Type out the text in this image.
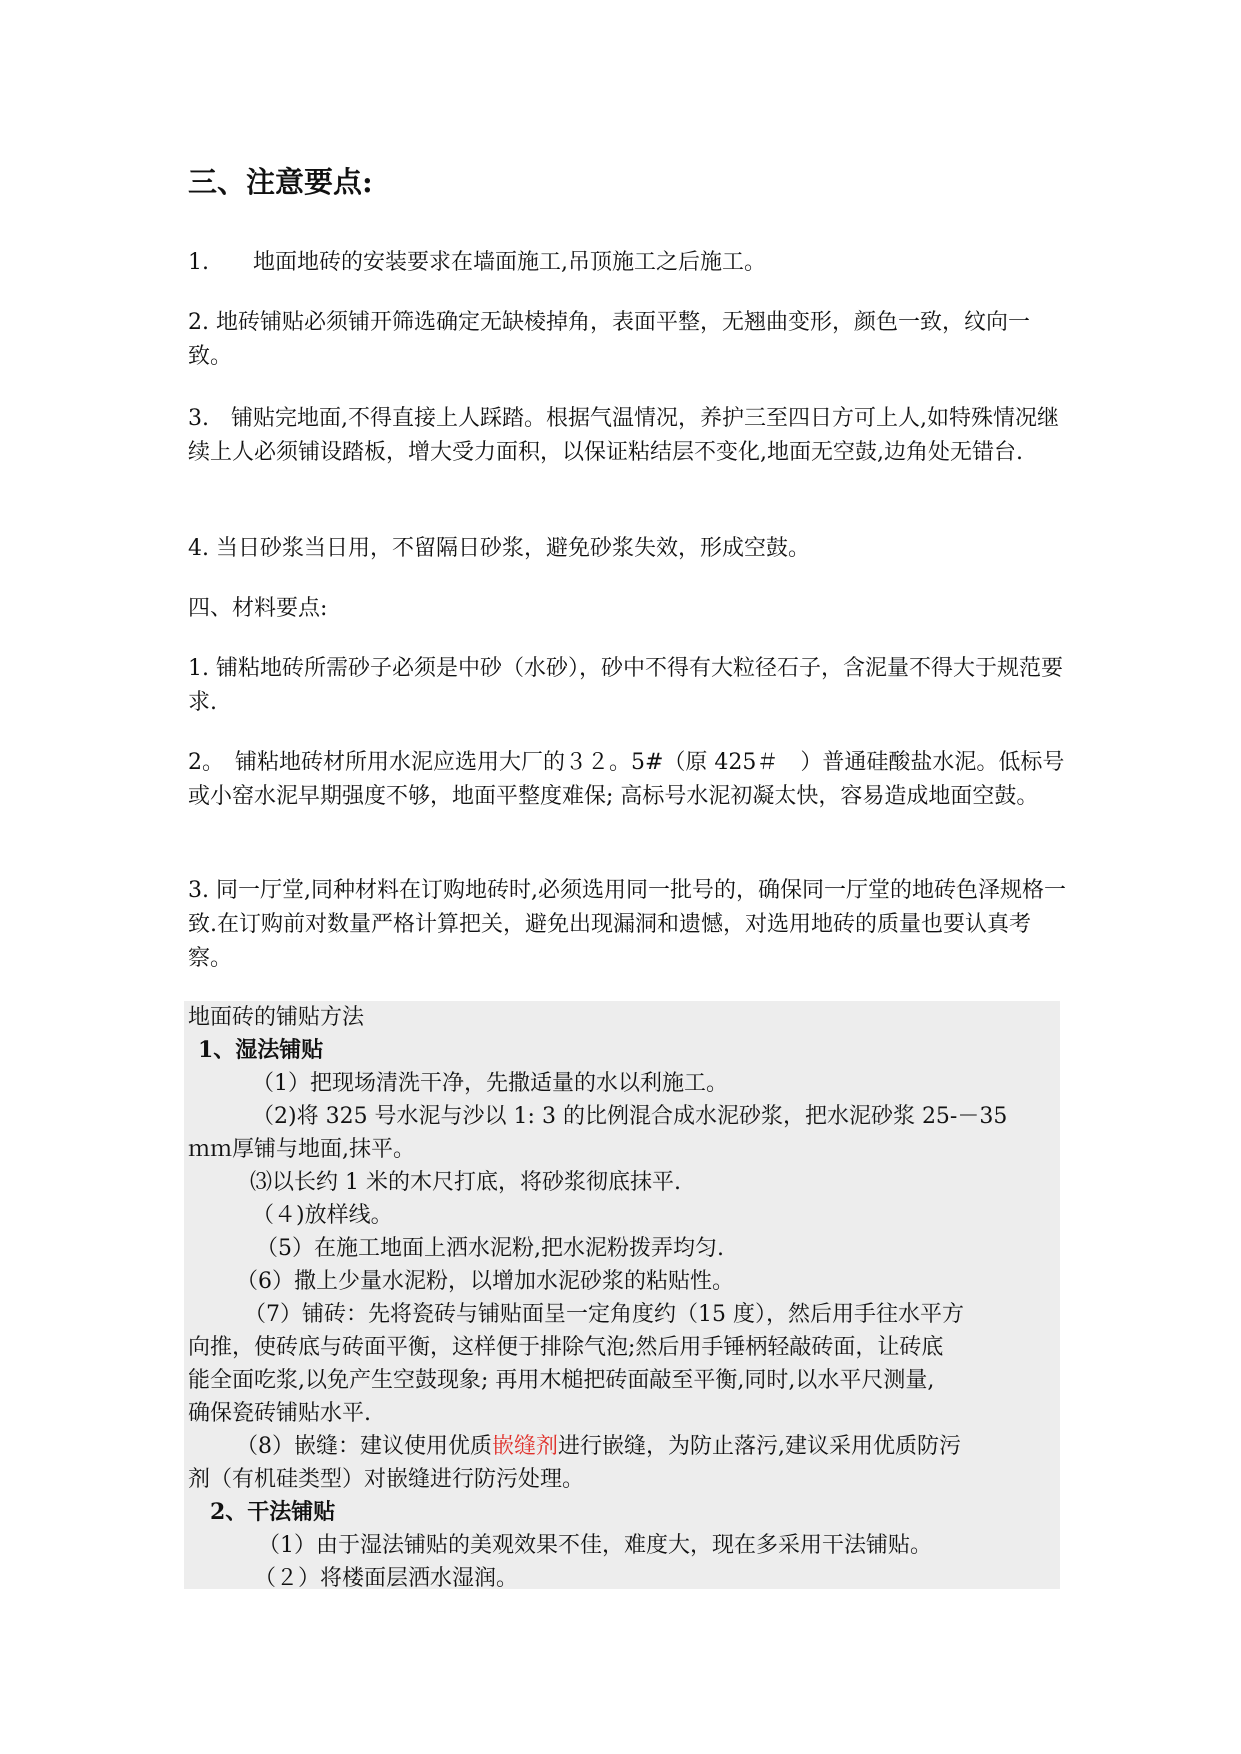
三、注意要点:

1.　　地面地砖的安装要求在墙面施工,吊顶施工之后施工。

2. 地砖铺贴必须铺开筛选确定无缺棱掉角，表面平整，无翘曲变形，颜色一致，纹向一致。

3.　铺贴完地面,不得直接上人踩踏。根据气温情况，养护三至四日方可上人,如特殊情况继续上人必须铺设踏板，增大受力面积，以保证粘结层不变化,地面无空鼓,边角处无错台.

4. 当日砂浆当日用，不留隔日砂浆，避免砂浆失效，形成空鼓。

四、材料要点:

1. 铺粘地砖所需砂子必须是中砂（水砂），砂中不得有大粒径石子，含泥量不得大于规范要求.

2。　铺粘地砖材所用水泥应选用大厂的３２。5#（原 425＃　）普通硅酸盐水泥。低标号或小窑水泥早期强度不够，地面平整度难保; 高标号水泥初凝太快，容易造成地面空鼓。

3. 同一厅堂,同种材料在订购地砖时,必须选用同一批号的，确保同一厅堂的地砖色泽规格一致.在订购前对数量严格计算把关，避免出现漏洞和遗憾，对选用地砖的质量也要认真考察。

地面砖的铺贴方法
1、湿法铺贴
（1）把现场清洗干净，先撒适量的水以利施工。
（2)将 325 号水泥与沙以 1: 3 的比例混合成水泥砂浆，把水泥砂浆 25-－35
ｍｍ厚铺与地面,抹平。
⑶以长约 1 米的木尺打底，将砂浆彻底抹平.
（４)放样线。
（5）在施工地面上洒水泥粉,把水泥粉拨弄均匀.
（6）撒上少量水泥粉，以增加水泥砂浆的粘贴性。
（7）铺砖：先将瓷砖与铺贴面呈一定角度约（15 度），然后用手往水平方
向推，使砖底与砖面平衡，这样便于排除气泡;然后用手锤柄轻敲砖面，让砖底
能全面吃浆,以免产生空鼓现象; 再用木槌把砖面敲至平衡,同时,以水平尺测量,
确保瓷砖铺贴水平.
（8）嵌缝：建议使用优质嵌缝剂进行嵌缝，为防止落污,建议采用优质防污
剂（有机硅类型）对嵌缝进行防污处理。
2、干法铺贴
（1）由于湿法铺贴的美观效果不佳，难度大，现在多采用干法铺贴。
（２）将楼面层洒水湿润。
